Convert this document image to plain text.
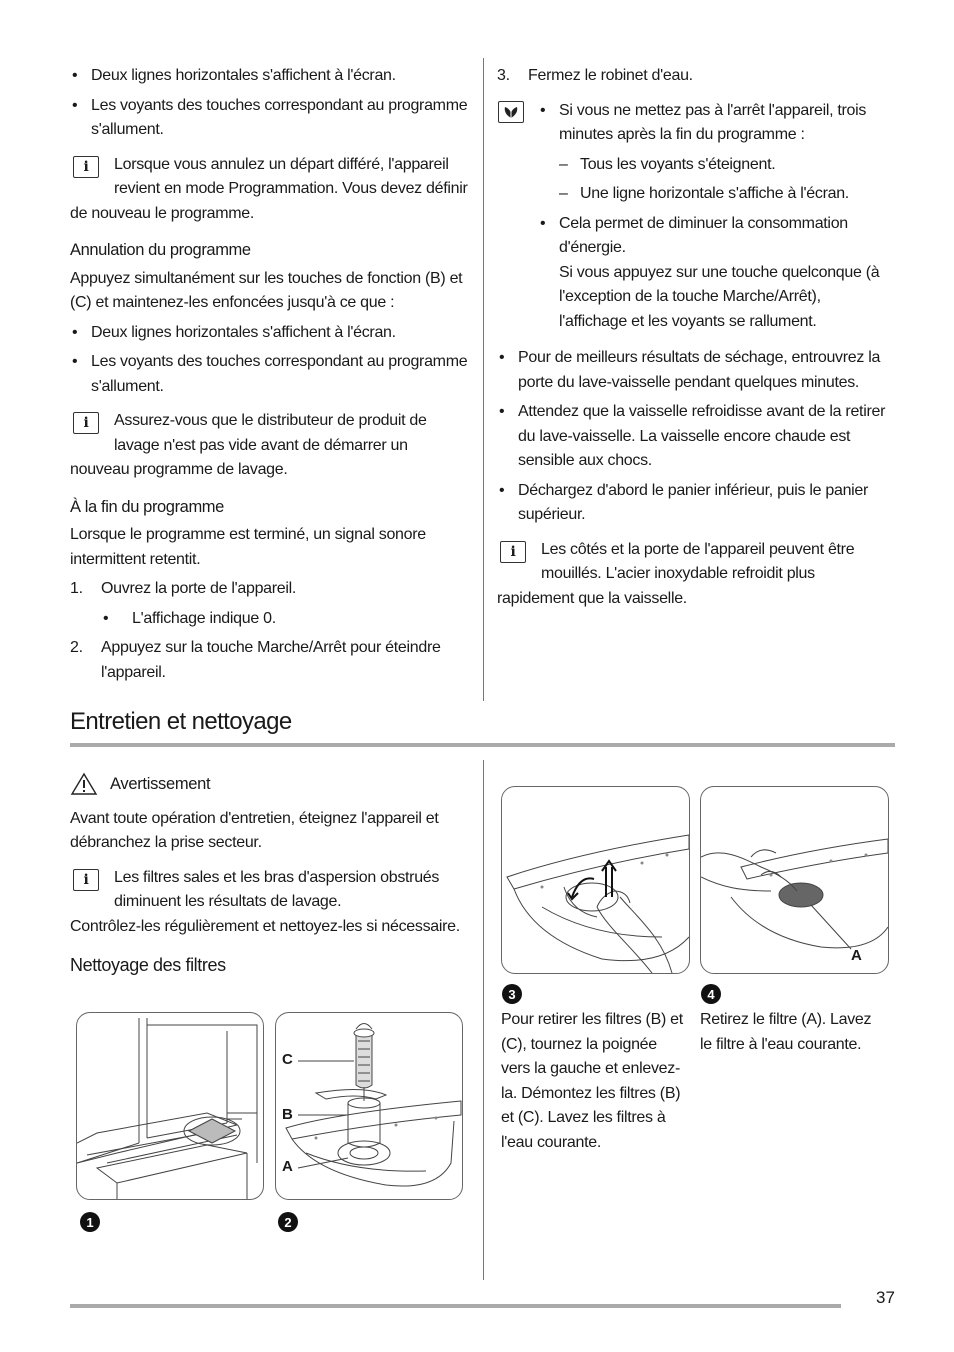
• Deux lignes horizontales s'affichent à l'écran.
• Les voyants des touches correspondant au programme s'allument.
i	Lorsque vous annulez un départ différé, l'appareil revient en mode Programmation. Vous devez définir de nouveau le programme.
Annulation du programme

Appuyez simultanément sur les touches de fonction (B) et (C) et maintenez-les enfoncées jusqu'à ce que :

• Deux lignes horizontales s'affichent à l'écran.
• Les voyants des touches correspondant au programme s'allument.
i	Assurez-vous que le distributeur de produit de lavage n'est pas vide avant de démarrer un nouveau programme de lavage.
À la fin du programme

Lorsque le programme est terminé, un signal sonore intermittent retentit.

1. Ouvrez la porte de l'appareil.
• L'affichage indique 0.
2. Appuyez sur la touche Marche/Arrêt pour éteindre l'appareil.
3. Fermez le robinet d'eau.
• Si vous ne mettez pas à l'arrêt l'appareil, trois minutes après la fin du programme :
– Tous les voyants s'éteignent.
– Une ligne horizontale s'affiche à l'écran.
• Cela permet de diminuer la consommation d'énergie.
Si vous appuyez sur une touche quelconque (à l'exception de la touche Marche/Arrêt), l'affichage et les voyants se rallument.
• Pour de meilleurs résultats de séchage, entrouvrez la porte du lave-vaisselle pendant quelques minutes.
• Attendez que la vaisselle refroidisse avant de la retirer du lave-vaisselle. La vaisselle encore chaude est sensible aux chocs.
• Déchargez d'abord le panier inférieur, puis le panier supérieur.
i	Les côtés et la porte de l'appareil peuvent être mouillés. L'acier inoxydable refroidit plus rapidement que la vaisselle.
Entretien et nettoyage
Avertissement

Avant toute opération d'entretien, éteignez l'appareil et débranchez la prise secteur.

i	Les filtres sales et les bras d'aspersion obstrués diminuent les résultats de lavage.

Contrôlez-les régulièrement et nettoyez-les si nécessaire.

Nettoyage des filtres
1
C
B
A
2
3
Pour retirer les filtres (B) et (C), tournez la poignée vers la gauche et enlevez-la. Démontez les filtres (B) et (C). Lavez les filtres à l'eau courante.
A
4
Retirez le filtre (A). Lavez le filtre à l'eau courante.
37
